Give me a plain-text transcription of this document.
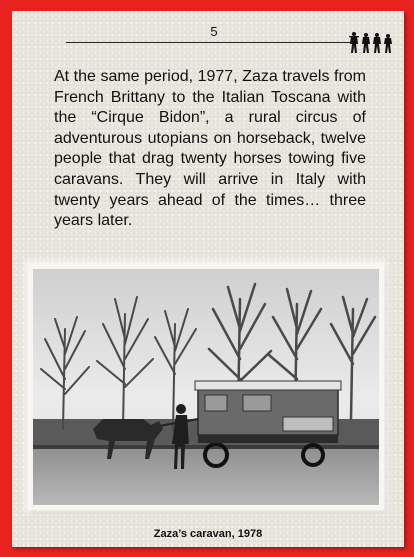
5
At the same period, 1977, Zaza travels from French Brittany to the Italian Toscana with the “Cirque Bidon”, a rural circus of adventurous utopians on horseback, twelve people that drag twenty horses towing five caravans. They will arrive in Italy with twenty years ahead of the times… three years later.
Zaza’s caravan, 1978
